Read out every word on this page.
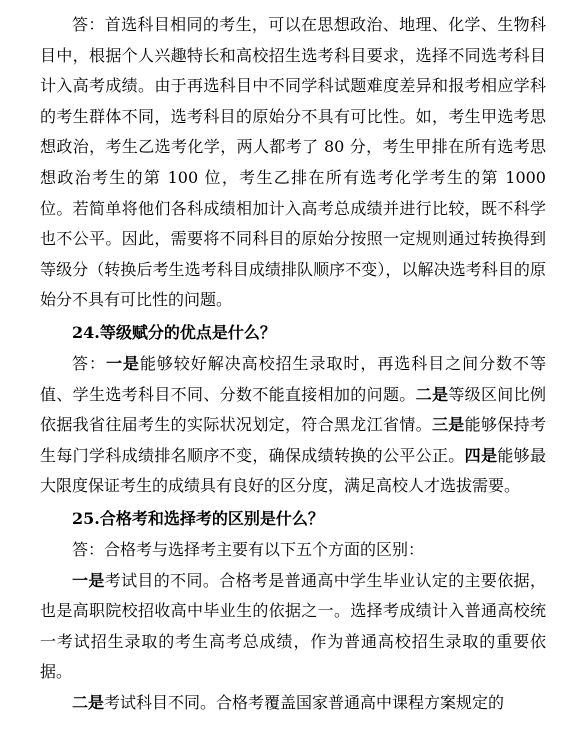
答：首选科目相同的考生，可以在思想政治、地理、化学、生物科目中，根据个人兴趣特长和高校招生选考科目要求，选择不同选考科目计入高考成绩。由于再选科目中不同学科试题难度差异和报考相应学科的考生群体不同，选考科目的原始分不具有可比性。如，考生甲选考思想政治，考生乙选考化学，两人都考了 80 分，考生甲排在所有选考思想政治考生的第 100 位，考生乙排在所有选考化学考生的第 1000 位。若简单将他们各科成绩相加计入高考总成绩并进行比较，既不科学也不公平。因此，需要将不同科目的原始分按照一定规则通过转换得到等级分（转换后考生选考科目成绩排队顺序不变），以解决选考科目的原始分不具有可比性的问题。

24.等级赋分的优点是什么？

答：一是能够较好解决高校招生录取时，再选科目之间分数不等值、学生选考科目不同、分数不能直接相加的问题。二是等级区间比例依据我省往届考生的实际状况划定，符合黑龙江省情。三是能够保持考生每门学科成绩排名顺序不变，确保成绩转换的公平公正。四是能够最大限度保证考生的成绩具有良好的区分度，满足高校人才选拔需要。

25.合格考和选择考的区别是什么？

答：合格考与选择考主要有以下五个方面的区别：

一是考试目的不同。合格考是普通高中学生毕业认定的主要依据，也是高职院校招收高中毕业生的依据之一。选择考成绩计入普通高校统一考试招生录取的考生高考总成绩，作为普通高校招生录取的重要依据。

二是考试科目不同。合格考覆盖国家普通高中课程方案规定的
